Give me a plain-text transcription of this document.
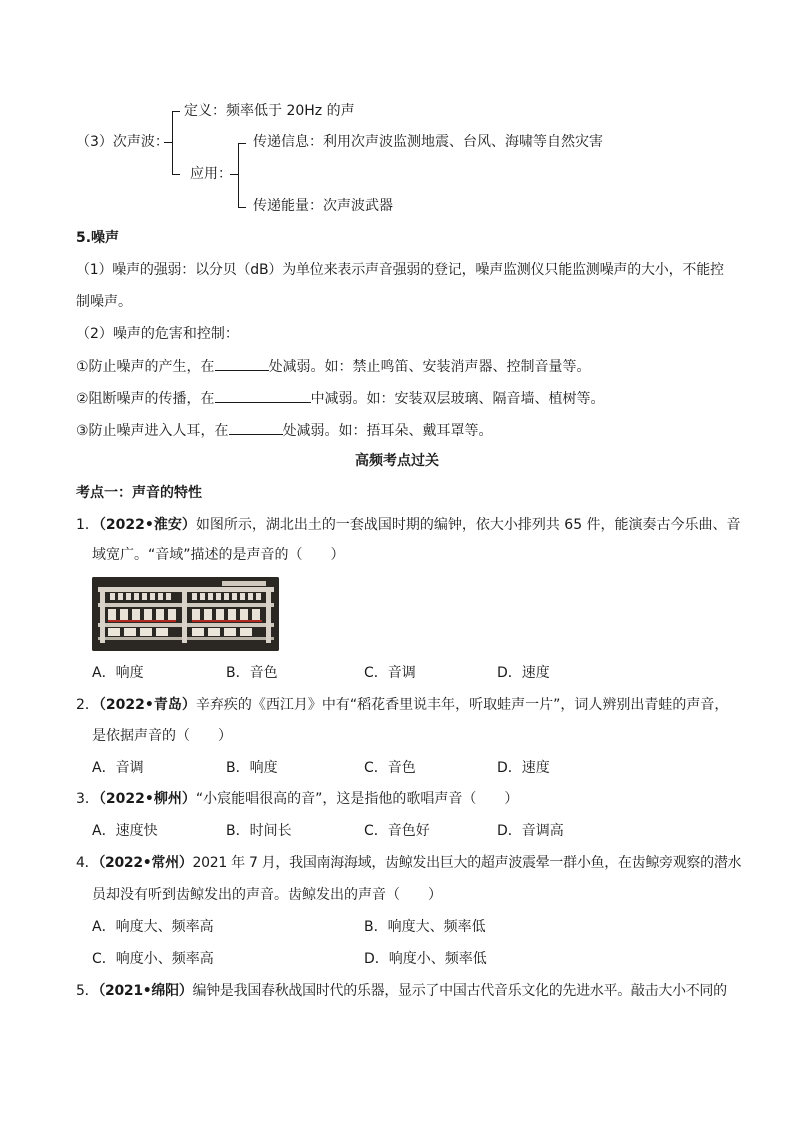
定义：频率低于 20Hz 的声
（3）次声波：
应用：
传递信息：利用次声波监测地震、台风、海啸等自然灾害
传递能量：次声波武器
5.噪声
（1）噪声的强弱：以分贝（dB）为单位来表示声音强弱的登记，噪声监测仪只能监测噪声的大小，不能控
制噪声。
（2）噪声的危害和控制：
①防止噪声的产生，在	处减弱。如：禁止鸣笛、安装消声器、控制音量等。
②阻断噪声的传播，在	中减弱。如：安装双层玻璃、隔音墙、植树等。
③防止噪声进入人耳，在	处减弱。如：捂耳朵、戴耳罩等。
高频考点过关
考点一：声音的特性
1．（2022•淮安）如图所示，湖北出土的一套战国时期的编钟，依大小排列共 65 件，能演奏古今乐曲、音
域宽广。“音域”描述的是声音的（　　）
A．响度	B．音色	C．音调	D．速度
2．（2022•青岛）辛弃疾的《西江月》中有“稻花香里说丰年，听取蛙声一片”，词人辨别出青蛙的声音，
是依据声音的（　　）
A．音调	B．响度	C．音色	D．速度
3．（2022•柳州）“小宸能唱很高的音”，这是指他的歌唱声音（　　）
A．速度快	B．时间长	C．音色好	D．音调高
4．（2022•常州）2021 年 7 月，我国南海海域，齿鲸发出巨大的超声波震晕一群小鱼，在齿鲸旁观察的潜水
员却没有听到齿鲸发出的声音。齿鲸发出的声音（　　）
A．响度大、频率高	B．响度大、频率低
C．响度小、频率高	D．响度小、频率低
5．（2021•绵阳）编钟是我国春秋战国时代的乐器，显示了中国古代音乐文化的先进水平。敲击大小不同的
